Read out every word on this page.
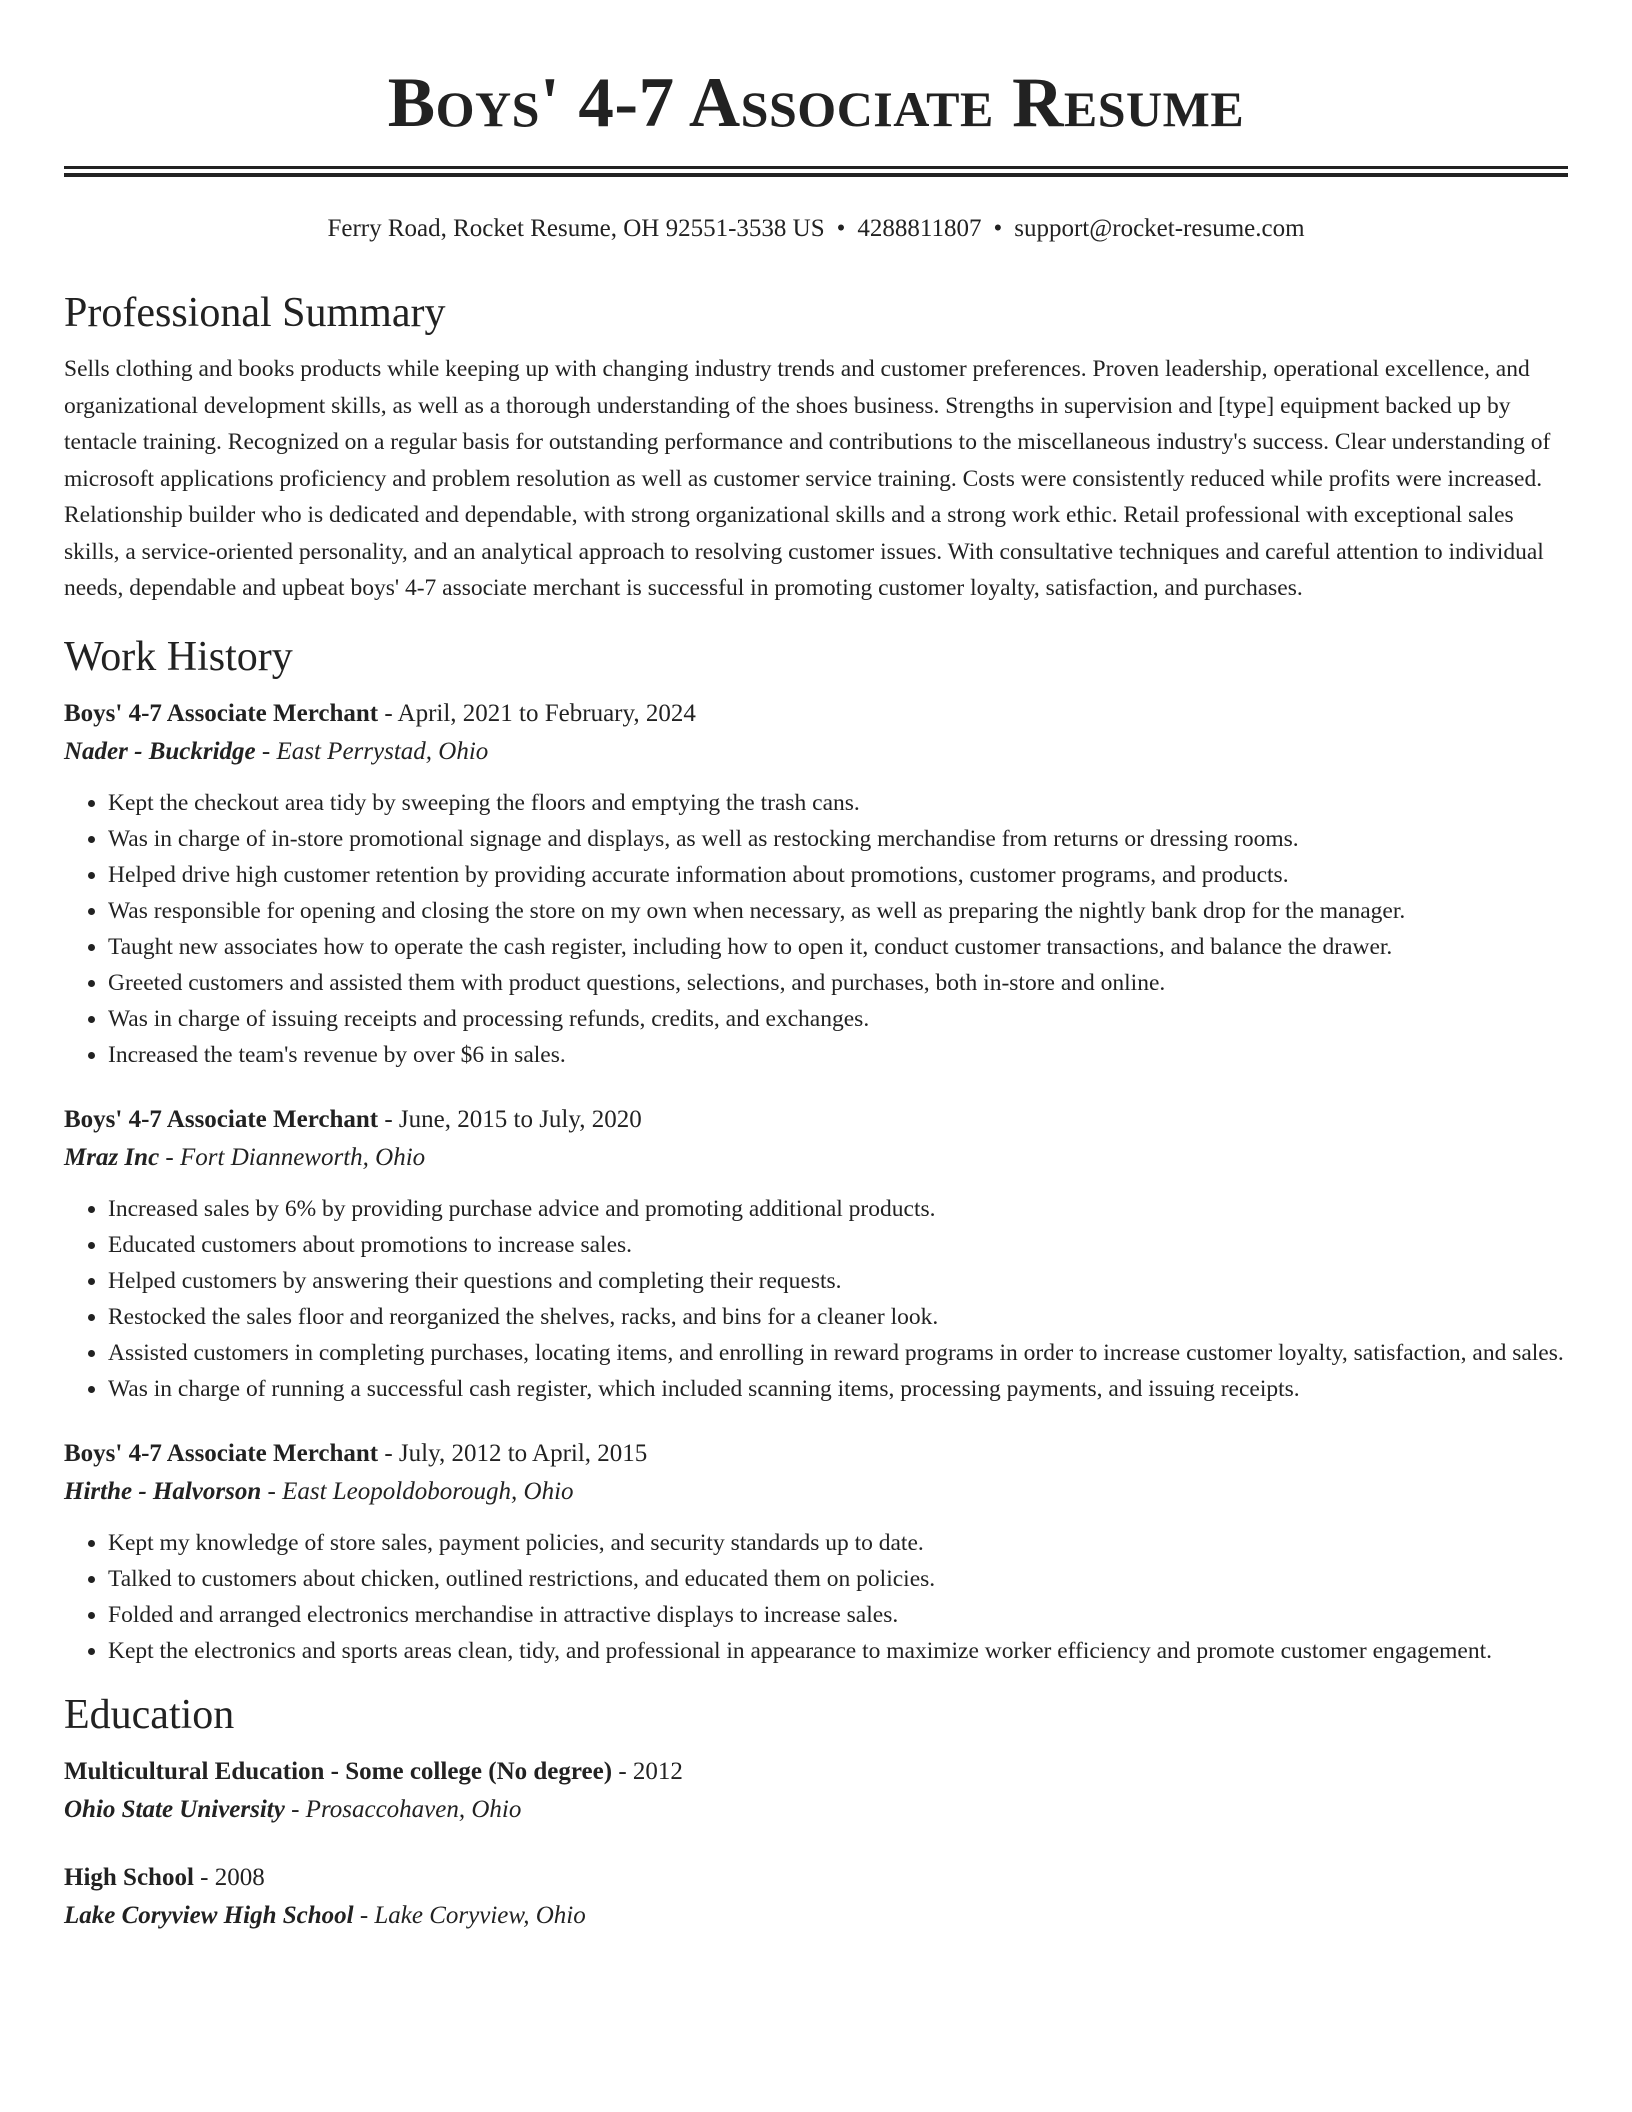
Boys' 4-7 Associate Resume
Ferry Road, Rocket Resume, OH 92551-3538 US • 4288811807 • support@rocket-resume.com
Professional Summary

Sells clothing and books products while keeping up with changing industry trends and customer preferences. Proven leadership, operational excellence, and organizational development skills, as well as a thorough understanding of the shoes business. Strengths in supervision and [type] equipment backed up by tentacle training. Recognized on a regular basis for outstanding performance and contributions to the miscellaneous industry's success. Clear understanding of microsoft applications proficiency and problem resolution as well as customer service training. Costs were consistently reduced while profits were increased. Relationship builder who is dedicated and dependable, with strong organizational skills and a strong work ethic. Retail professional with exceptional sales skills, a service-oriented personality, and an analytical approach to resolving customer issues. With consultative techniques and careful attention to individual needs, dependable and upbeat boys' 4-7 associate merchant is successful in promoting customer loyalty, satisfaction, and purchases.

Work History
Boys' 4-7 Associate Merchant - April, 2021 to February, 2024
Nader - Buckridge - East Perrystad, Ohio
• Kept the checkout area tidy by sweeping the floors and emptying the trash cans.
• Was in charge of in-store promotional signage and displays, as well as restocking merchandise from returns or dressing rooms.
• Helped drive high customer retention by providing accurate information about promotions, customer programs, and products.
• Was responsible for opening and closing the store on my own when necessary, as well as preparing the nightly bank drop for the manager.
• Taught new associates how to operate the cash register, including how to open it, conduct customer transactions, and balance the drawer.
• Greeted customers and assisted them with product questions, selections, and purchases, both in-store and online.
• Was in charge of issuing receipts and processing refunds, credits, and exchanges.
• Increased the team's revenue by over $6 in sales.
Boys' 4-7 Associate Merchant - June, 2015 to July, 2020
Mraz Inc - Fort Dianneworth, Ohio
• Increased sales by 6% by providing purchase advice and promoting additional products.
• Educated customers about promotions to increase sales.
• Helped customers by answering their questions and completing their requests.
• Restocked the sales floor and reorganized the shelves, racks, and bins for a cleaner look.
• Assisted customers in completing purchases, locating items, and enrolling in reward programs in order to increase customer loyalty, satisfaction, and sales.
• Was in charge of running a successful cash register, which included scanning items, processing payments, and issuing receipts.
Boys' 4-7 Associate Merchant - July, 2012 to April, 2015
Hirthe - Halvorson - East Leopoldoborough, Ohio
• Kept my knowledge of store sales, payment policies, and security standards up to date.
• Talked to customers about chicken, outlined restrictions, and educated them on policies.
• Folded and arranged electronics merchandise in attractive displays to increase sales.
• Kept the electronics and sports areas clean, tidy, and professional in appearance to maximize worker efficiency and promote customer engagement.
Education
Multicultural Education - Some college (No degree) - 2012
Ohio State University - Prosaccohaven, Ohio
High School - 2008
Lake Coryview High School - Lake Coryview, Ohio
